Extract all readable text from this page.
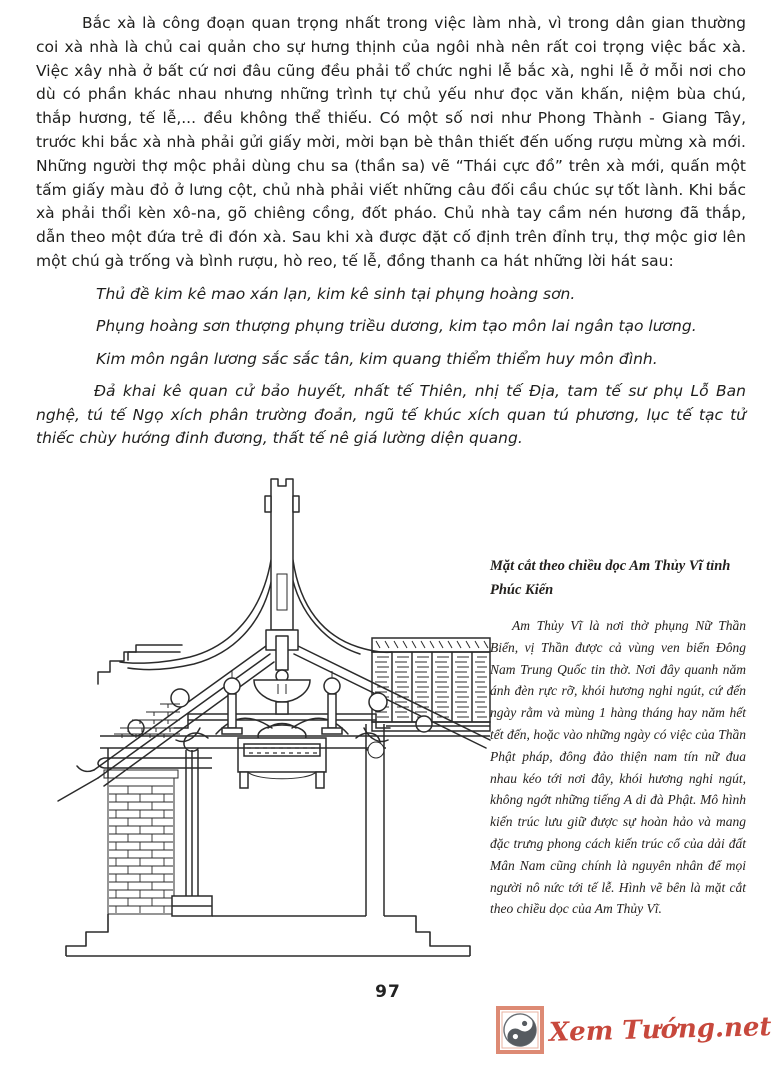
Bắc xà là công đoạn quan trọng nhất trong việc làm nhà, vì trong dân gian thường coi xà nhà là chủ cai quản cho sự hưng thịnh của ngôi nhà nên rất coi trọng việc bắc xà. Việc xây nhà ở bất cứ nơi đâu cũng đều phải tổ chức nghi lễ bắc xà, nghi lễ ở mỗi nơi cho dù có phần khác nhau nhưng những trình tự chủ yếu như đọc văn khấn, niệm bùa chú, thắp hương, tế lễ,... đều không thể thiếu. Có một số nơi như Phong Thành - Giang Tây, trước khi bắc xà nhà phải gửi giấy mời, mời bạn bè thân thiết đến uống rượu mừng xà mới. Những người thợ mộc phải dùng chu sa (thần sa) vẽ “Thái cực đồ” trên xà mới, quấn một tấm giấy màu đỏ ở lưng cột, chủ nhà phải viết những câu đối cầu chúc sự tốt lành. Khi bắc xà phải thổi kèn xô-na, gõ chiêng cồng, đốt pháo. Chủ nhà tay cầm nén hương đã thắp, dẫn theo một đứa trẻ đi đón xà. Sau khi xà được đặt cố định trên đỉnh trụ, thợ mộc giơ lên một chú gà trống và bình rượu, hò reo, tế lễ, đồng thanh ca hát những lời hát sau:

Thủ đề kim kê mao xán lạn, kim kê sinh tại phụng hoàng sơn.

Phụng hoàng sơn thượng phụng triều dương, kim tạo môn lai ngân tạo lương.

Kim môn ngân lương sắc sắc tân, kim quang thiểm thiểm huy môn đình.

Đả khai kê quan cử bảo huyết, nhất tế Thiên, nhị tế Địa, tam tế sư phụ Lỗ Ban nghệ, tú tế Ngọ xích phân trường đoản, ngũ tế khúc xích quan tú phương, lục tế tạc tử thiếc chùy hướng đinh đương, thất tế nê giá lường diện quang.

Mặt cắt theo chiều dọc Am Thủy Vĩ tỉnh Phúc Kiến

Am Thủy Vĩ là nơi thờ phụng Nữ Thần Biển, vị Thần được cả vùng ven biển Đông Nam Trung Quốc tin thờ. Nơi đây quanh năm ánh đèn rực rỡ, khói hương nghi ngút, cứ đến ngày rằm và mùng 1 hàng tháng hay năm hết tết đến, hoặc vào những ngày có việc của Thần Phật pháp, đông đảo thiện nam tín nữ đua nhau kéo tới nơi đây, khói hương nghi ngút, không ngớt những tiếng A di đà Phật. Mô hình kiến trúc lưu giữ được sự hoàn hảo và mang đặc trưng phong cách kiến trúc cổ của dải đất Mân Nam cũng chính là nguyên nhân để mọi người nô nức tới tế lễ. Hình vẽ bên là mặt cắt theo chiều dọc của Am Thủy Vĩ.

97
Xem Tướng.net
